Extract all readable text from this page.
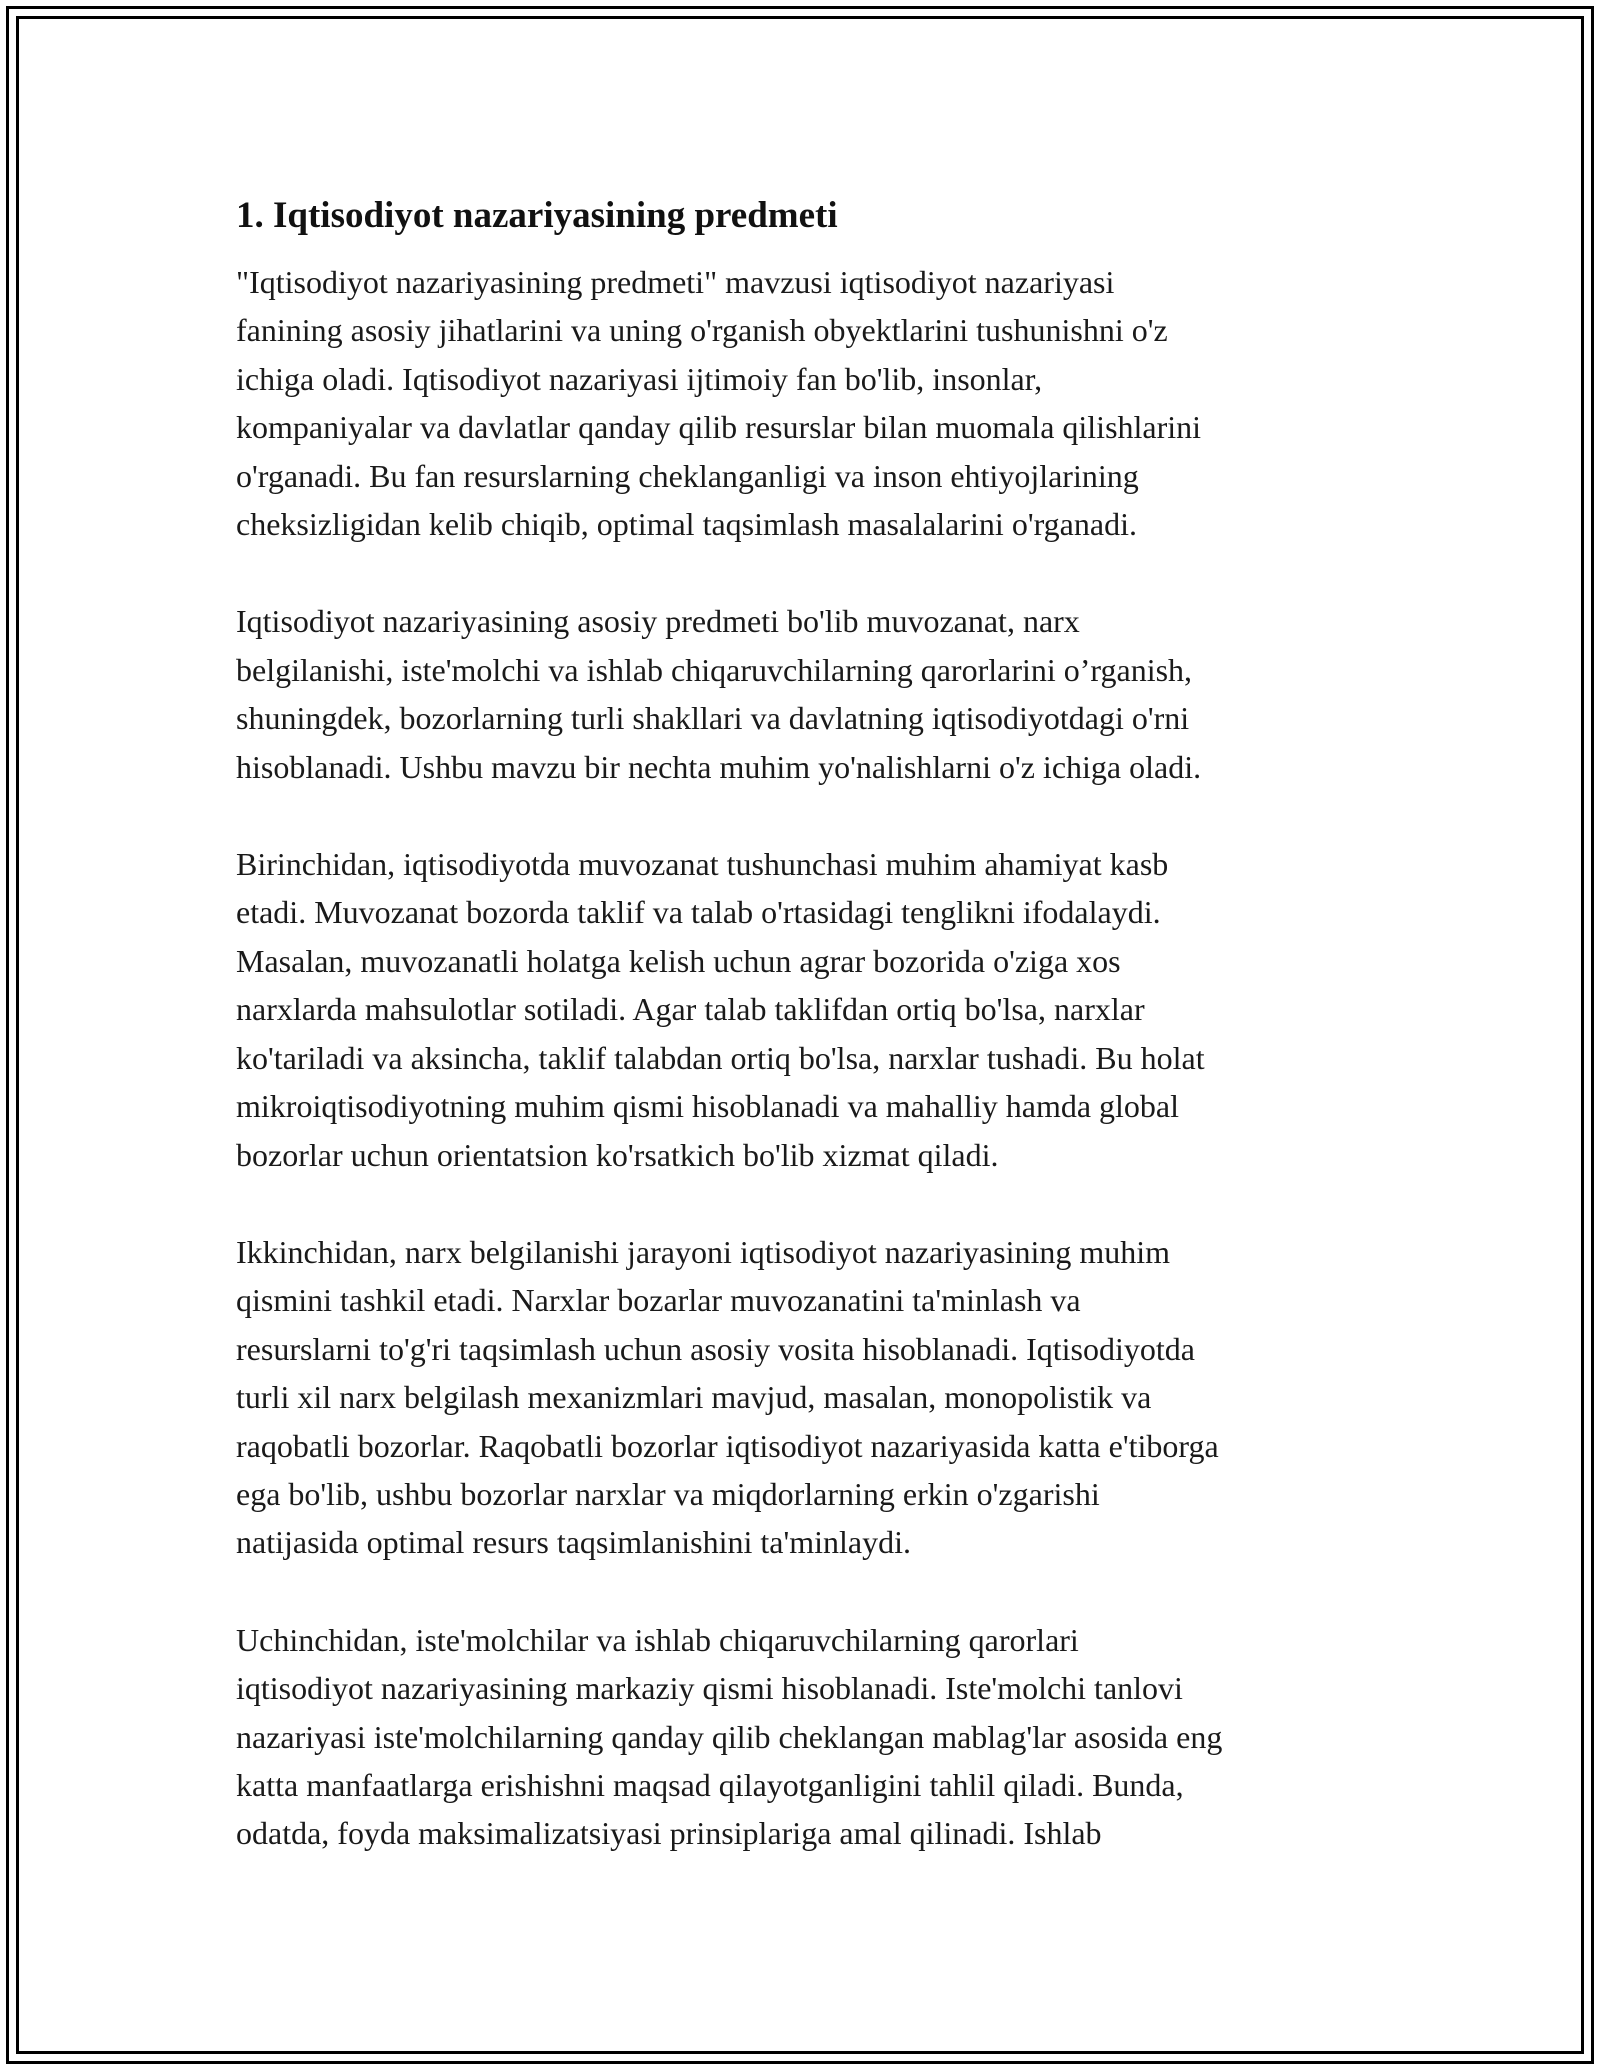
1. Iqtisodiyot nazariyasining predmeti

"Iqtisodiyot nazariyasining predmeti" mavzusi iqtisodiyot nazariyasi
fanining asosiy jihatlarini va uning o'rganish obyektlarini tushunishni o'z
ichiga oladi. Iqtisodiyot nazariyasi ijtimoiy fan bo'lib, insonlar,
kompaniyalar va davlatlar qanday qilib resurslar bilan muomala qilishlarini
o'rganadi. Bu fan resurslarning cheklanganligi va inson ehtiyojlarining
cheksizligidan kelib chiqib, optimal taqsimlash masalalarini o'rganadi.

Iqtisodiyot nazariyasining asosiy predmeti bo'lib muvozanat, narx
belgilanishi, iste'molchi va ishlab chiqaruvchilarning qarorlarini o’rganish,
shuningdek, bozorlarning turli shakllari va davlatning iqtisodiyotdagi o'rni
hisoblanadi. Ushbu mavzu bir nechta muhim yo'nalishlarni o'z ichiga oladi.

Birinchidan, iqtisodiyotda muvozanat tushunchasi muhim ahamiyat kasb
etadi. Muvozanat bozorda taklif va talab o'rtasidagi tenglikni ifodalaydi.
Masalan, muvozanatli holatga kelish uchun agrar bozorida o'ziga xos
narxlarda mahsulotlar sotiladi. Agar talab taklifdan ortiq bo'lsa, narxlar
ko'tariladi va aksincha, taklif talabdan ortiq bo'lsa, narxlar tushadi. Bu holat
mikroiqtisodiyotning muhim qismi hisoblanadi va mahalliy hamda global
bozorlar uchun orientatsion ko'rsatkich bo'lib xizmat qiladi.

Ikkinchidan, narx belgilanishi jarayoni iqtisodiyot nazariyasining muhim
qismini tashkil etadi. Narxlar bozarlar muvozanatini ta'minlash va
resurslarni to'g'ri taqsimlash uchun asosiy vosita hisoblanadi. Iqtisodiyotda
turli xil narx belgilash mexanizmlari mavjud, masalan, monopolistik va
raqobatli bozorlar. Raqobatli bozorlar iqtisodiyot nazariyasida katta e'tiborga
ega bo'lib, ushbu bozorlar narxlar va miqdorlarning erkin o'zgarishi
natijasida optimal resurs taqsimlanishini ta'minlaydi.

Uchinchidan, iste'molchilar va ishlab chiqaruvchilarning qarorlari
iqtisodiyot nazariyasining markaziy qismi hisoblanadi. Iste'molchi tanlovi
nazariyasi iste'molchilarning qanday qilib cheklangan mablag'lar asosida eng
katta manfaatlarga erishishni maqsad qilayotganligini tahlil qiladi. Bunda,
odatda, foyda maksimalizatsiyasi prinsiplariga amal qilinadi. Ishlab
